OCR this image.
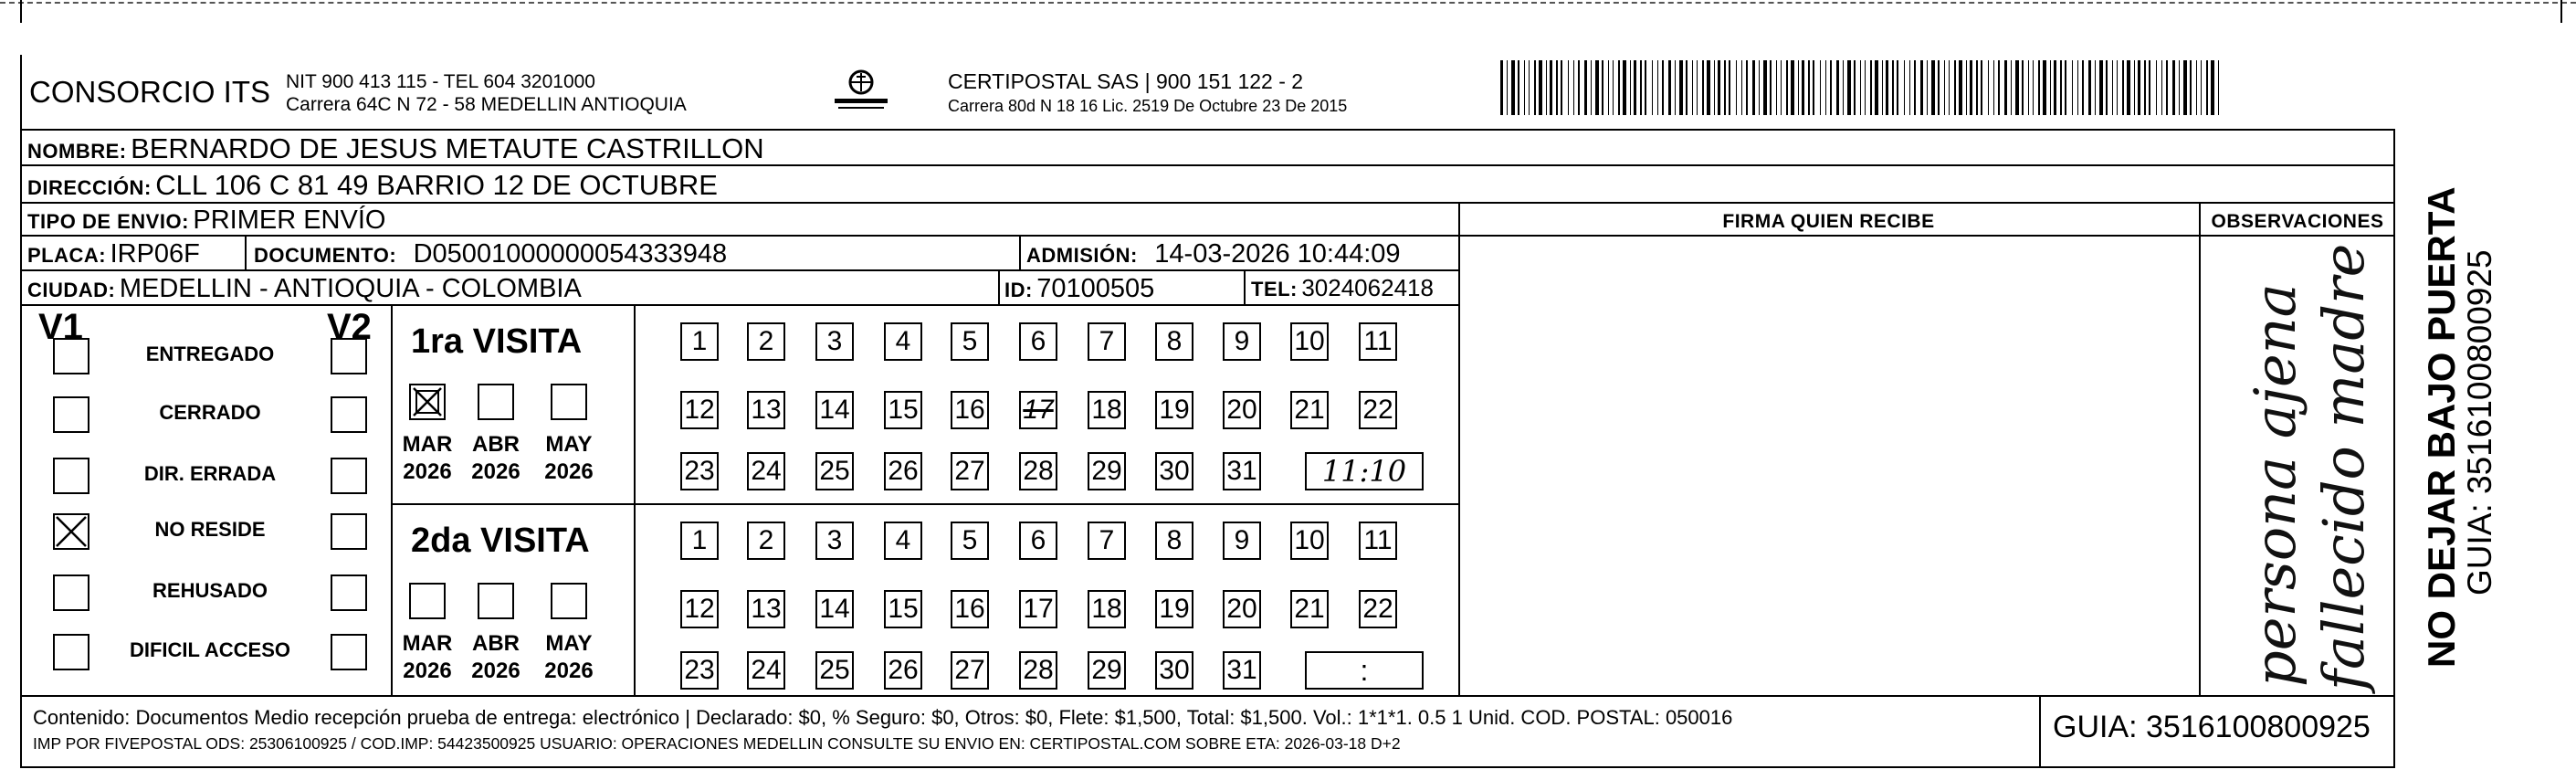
CONSORCIO ITS NIT 900 413 115 - TEL 604 3201000
Carrera 64C N 72 - 58 MEDELLIN ANTIOQUIA
CERTIPOSTAL SAS | 900 151 122 - 2
Carrera 80d N 18 16 Lic. 2519 De Octubre 23 De 2015
NOMBRE: BERNARDO DE JESUS METAUTE CASTRILLON
DIRECCIÓN: CLL 106 C 81 49 BARRIO 12 DE OCTUBRE
TIPO DE ENVIO: PRIMER ENVÍO	FIRMA QUIEN RECIBE	OBSERVACIONES
PLACA: IRP06F	DOCUMENTO: D05001000000054333948	ADMISIÓN: 14-03-2026 10:44:09
CIUDAD: MEDELLIN - ANTIOQUIA - COLOMBIA	ID: 70100505	TEL: 3024062418
V1	V2
ENTREGADO
CERRADO
DIR. ERRADA
NO RESIDE
REHUSADO
DIFICIL ACCESO
1ra VISITA
MAR
2026
ABR
2026
MAY
2026
1	2	3	4	5	6	7	8	9	10 11
12 13 14 15 16 17 18 19 20 21 22
23 24 25 26 27 28 29 30 31	11:10
2da VISITA
MAR
2026
ABR
2026
MAY
2026
1	2	3	4	5	6	7	8	9	10 11
12 13 14 15 16 17 18 19 20 21 22
23 24 25 26 27 28 29 30 31	:	persona ajena fallecido madre
Contenido: Documentos Medio recepción prueba de entrega: electrónico | Declarado: $0, % Seguro: $0, Otros: $0, Flete: $1,500, Total: $1,500. Vol.: 1*1*1. 0.5 1 Unid. COD. POSTAL: 050016
IMP POR FIVEPOSTAL ODS: 25306100925 / COD.IMP: 54423500925 USUARIO: OPERACIONES MEDELLIN CONSULTE SU ENVIO EN: CERTIPOSTAL.COM SOBRE ETA: 2026-03-18 D+2	GUIA: 3516100800925
NO DEJAR BAJO PUERTA
GUIA: 3516100800925
